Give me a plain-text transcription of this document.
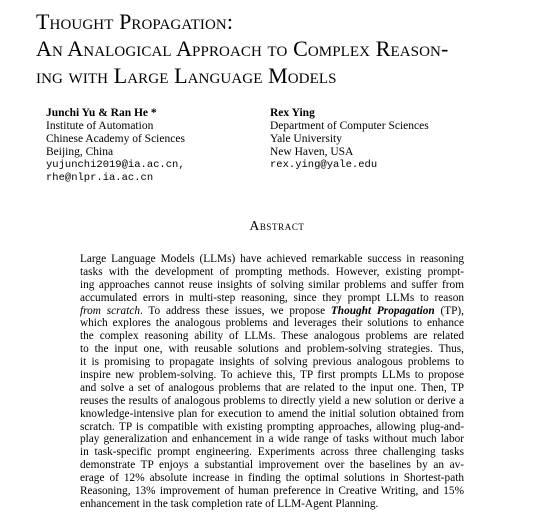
Thought Propagation:
An Analogical Approach to Complex Reason-
ing with Large Language Models
Junchi Yu & Ran He *
Institute of Automation
Chinese Academy of Sciences
Beijing, China
yujunchi2019@ia.ac.cn,
rhe@nlpr.ia.ac.cn
Rex Ying
Department of Computer Sciences
Yale University
New Haven, USA
rex.ying@yale.edu
Abstract
Large Language Models (LLMs) have achieved remarkable success in reasoning
tasks with the development of prompting methods. However, existing prompt-
ing approaches cannot reuse insights of solving similar problems and suffer from
accumulated errors in multi-step reasoning, since they prompt LLMs to reason
from scratch. To address these issues, we propose Thought Propagation (TP),
which explores the analogous problems and leverages their solutions to enhance
the complex reasoning ability of LLMs. These analogous problems are related
to the input one, with reusable solutions and problem-solving strategies. Thus,
it is promising to propagate insights of solving previous analogous problems to
inspire new problem-solving. To achieve this, TP first prompts LLMs to propose
and solve a set of analogous problems that are related to the input one. Then, TP
reuses the results of analogous problems to directly yield a new solution or derive a
knowledge-intensive plan for execution to amend the initial solution obtained from
scratch. TP is compatible with existing prompting approaches, allowing plug-and-
play generalization and enhancement in a wide range of tasks without much labor
in task-specific prompt engineering. Experiments across three challenging tasks
demonstrate TP enjoys a substantial improvement over the baselines by an av-
erage of 12% absolute increase in finding the optimal solutions in Shortest-path
Reasoning, 13% improvement of human preference in Creative Writing, and 15%
enhancement in the task completion rate of LLM-Agent Planning.
